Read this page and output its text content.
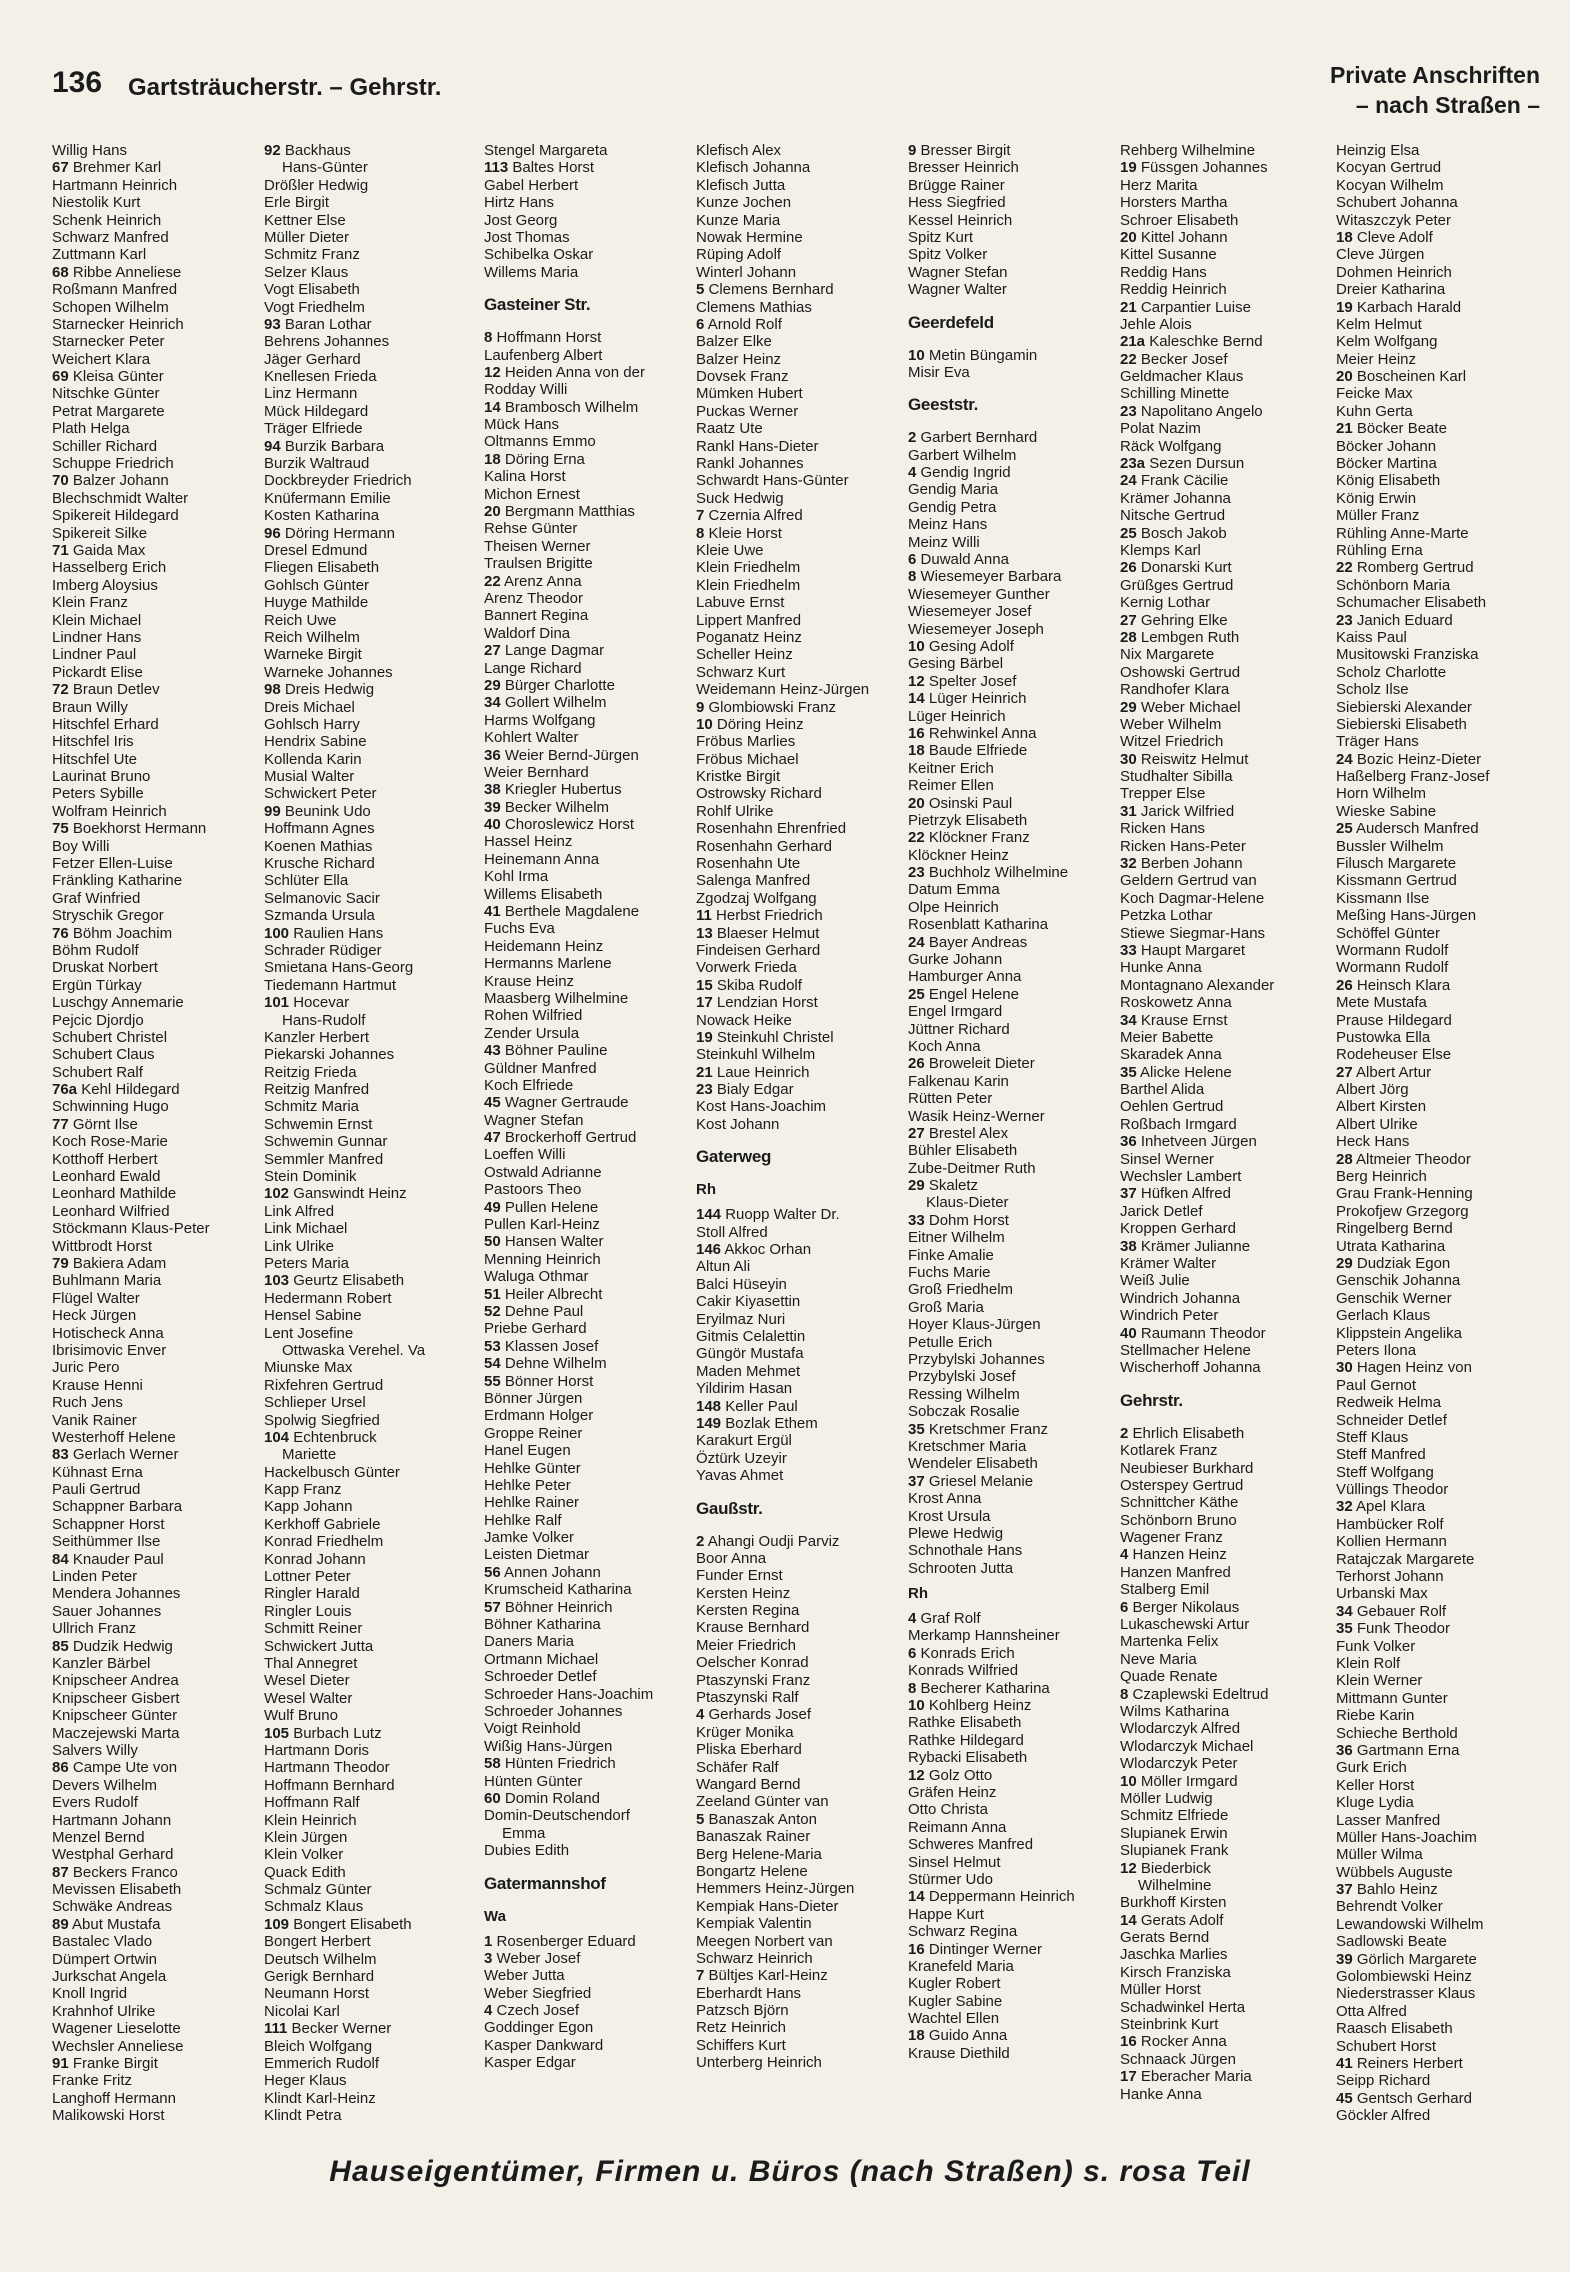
136 Gartsträucherstr. – Gehrstr.	Private Anschriften
– nach Straßen –
Willig Hans
67 Brehmer Karl
Hartmann Heinrich
Niestolik Kurt
Schenk Heinrich
Schwarz Manfred
Zuttmann Karl
68 Ribbe Anneliese
Roßmann Manfred
Schopen Wilhelm
Starnecker Heinrich
Starnecker Peter
Weichert Klara
69 Kleisa Günter
Nitschke Günter
Petrat Margarete
Plath Helga
Schiller Richard
Schuppe Friedrich
70 Balzer Johann
Blechschmidt Walter
Spikereit Hildegard
Spikereit Silke
71 Gaida Max
Hasselberg Erich
Imberg Aloysius
Klein Franz
Klein Michael
Lindner Hans
Lindner Paul
Pickardt Elise
72 Braun Detlev
Braun Willy
Hitschfel Erhard
Hitschfel Iris
Hitschfel Ute
Laurinat Bruno
Peters Sybille
Wolfram Heinrich
75 Boekhorst Hermann
Boy Willi
Fetzer Ellen-Luise
Fränkling Katharine
Graf Winfried
Stryschik Gregor
76 Böhm Joachim
Böhm Rudolf
Druskat Norbert
Ergün Türkay
Luschgy Annemarie
Pejcic Djordjo
Schubert Christel
Schubert Claus
Schubert Ralf
76a Kehl Hildegard
Schwinning Hugo
77 Görnt Ilse
Koch Rose-Marie
Kotthoff Herbert
Leonhard Ewald
Leonhard Mathilde
Leonhard Wilfried
Stöckmann Klaus-Peter
Wittbrodt Horst
79 Bakiera Adam
Buhlmann Maria
Flügel Walter
Heck Jürgen
Hotischeck Anna
Ibrisimovic Enver
Juric Pero
Krause Henni
Ruch Jens
Vanik Rainer
Westerhoff Helene
83 Gerlach Werner
Kühnast Erna
Pauli Gertrud
Schappner Barbara
Schappner Horst
Seithümmer Ilse
84 Knauder Paul
Linden Peter
Mendera Johannes
Sauer Johannes
Ullrich Franz
85 Dudzik Hedwig
Kanzler Bärbel
Knipscheer Andrea
Knipscheer Gisbert
Knipscheer Günter
Maczejewski Marta
Salvers Willy
86 Campe Ute von
Devers Wilhelm
Evers Rudolf
Hartmann Johann
Menzel Bernd
Westphal Gerhard
87 Beckers Franco
Mevissen Elisabeth
Schwäke Andreas
89 Abut Mustafa
Bastalec Vlado
Dümpert Ortwin
Jurkschat Angela
Knoll Ingrid
Krahnhof Ulrike
Wagener Lieselotte
Wechsler Anneliese
91 Franke Birgit
Franke Fritz
Langhoff Hermann
Malikowski Horst
92 Backhaus
Hans-Günter
Drößler Hedwig
Erle Birgit
Kettner Else
Müller Dieter
Schmitz Franz
Selzer Klaus
Vogt Elisabeth
Vogt Friedhelm
93 Baran Lothar
Behrens Johannes
Jäger Gerhard
Knellesen Frieda
Linz Hermann
Mück Hildegard
Träger Elfriede
94 Burzik Barbara
Burzik Waltraud
Dockbreyder Friedrich
Knüfermann Emilie
Kosten Katharina
96 Döring Hermann
Dresel Edmund
Fliegen Elisabeth
Gohlsch Günter
Huyge Mathilde
Reich Uwe
Reich Wilhelm
Warneke Birgit
Warneke Johannes
98 Dreis Hedwig
Dreis Michael
Gohlsch Harry
Hendrix Sabine
Kollenda Karin
Musial Walter
Schwickert Peter
99 Beunink Udo
Hoffmann Agnes
Koenen Mathias
Krusche Richard
Schlüter Ella
Selmanovic Sacir
Szmanda Ursula
100 Raulien Hans
Schrader Rüdiger
Smietana Hans-Georg
Tiedemann Hartmut
101 Hocevar
Hans-Rudolf
Kanzler Herbert
Piekarski Johannes
Reitzig Frieda
Reitzig Manfred
Schmitz Maria
Schwemin Ernst
Schwemin Gunnar
Semmler Manfred
Stein Dominik
102 Ganswindt Heinz
Link Alfred
Link Michael
Link Ulrike
Peters Maria
103 Geurtz Elisabeth
Hedermann Robert
Hensel Sabine
Lent Josefine
Ottwaska Verehel. Va
Miunske Max
Rixfehren Gertrud
Schlieper Ursel
Spolwig Siegfried
104 Echtenbruck
Mariette
Hackelbusch Günter
Kapp Franz
Kapp Johann
Kerkhoff Gabriele
Konrad Friedhelm
Konrad Johann
Lottner Peter
Ringler Harald
Ringler Louis
Schmitt Reiner
Schwickert Jutta
Thal Annegret
Wesel Dieter
Wesel Walter
Wulf Bruno
105 Burbach Lutz
Hartmann Doris
Hartmann Theodor
Hoffmann Bernhard
Hoffmann Ralf
Klein Heinrich
Klein Jürgen
Klein Volker
Quack Edith
Schmalz Günter
Schmalz Klaus
109 Bongert Elisabeth
Bongert Herbert
Deutsch Wilhelm
Gerigk Bernhard
Neumann Horst
Nicolai Karl
111 Becker Werner
Bleich Wolfgang
Emmerich Rudolf
Heger Klaus
Klindt Karl-Heinz
Klindt Petra
Stengel Margareta
113 Baltes Horst
Gabel Herbert
Hirtz Hans
Jost Georg
Jost Thomas
Schibelka Oskar
Willems Maria
Gasteiner Str.
8 Hoffmann Horst
Laufenberg Albert
12 Heiden Anna von der
Rodday Willi
14 Brambosch Wilhelm
Mück Hans
Oltmanns Emmo
18 Döring Erna
Kalina Horst
Michon Ernest
20 Bergmann Matthias
Rehse Günter
Theisen Werner
Traulsen Brigitte
22 Arenz Anna
Arenz Theodor
Bannert Regina
Waldorf Dina
27 Lange Dagmar
Lange Richard
29 Bürger Charlotte
34 Gollert Wilhelm
Harms Wolfgang
Kohlert Walter
36 Weier Bernd-Jürgen
Weier Bernhard
38 Kriegler Hubertus
39 Becker Wilhelm
40 Choroslewicz Horst
Hassel Heinz
Heinemann Anna
Kohl Irma
Willems Elisabeth
41 Berthele Magdalene
Fuchs Eva
Heidemann Heinz
Hermanns Marlene
Krause Heinz
Maasberg Wilhelmine
Rohen Wilfried
Zender Ursula
43 Böhner Pauline
Güldner Manfred
Koch Elfriede
45 Wagner Gertraude
Wagner Stefan
47 Brockerhoff Gertrud
Loeffen Willi
Ostwald Adrianne
Pastoors Theo
49 Pullen Helene
Pullen Karl-Heinz
50 Hansen Walter
Menning Heinrich
Waluga Othmar
51 Heiler Albrecht
52 Dehne Paul
Priebe Gerhard
53 Klassen Josef
54 Dehne Wilhelm
55 Bönner Horst
Bönner Jürgen
Erdmann Holger
Groppe Reiner
Hanel Eugen
Hehlke Günter
Hehlke Peter
Hehlke Rainer
Hehlke Ralf
Jamke Volker
Leisten Dietmar
56 Annen Johann
Krumscheid Katharina
57 Böhner Heinrich
Böhner Katharina
Daners Maria
Ortmann Michael
Schroeder Detlef
Schroeder Hans-Joachim
Schroeder Johannes
Voigt Reinhold
Wißig Hans-Jürgen
58 Hünten Friedrich
Hünten Günter
60 Domin Roland
Domin-Deutschendorf
Emma
Dubies Edith
Gatermannshof
Wa
1 Rosenberger Eduard
3 Weber Josef
Weber Jutta
Weber Siegfried
4 Czech Josef
Goddinger Egon
Kasper Dankward
Kasper Edgar
Klefisch Alex
Klefisch Johanna
Klefisch Jutta
Kunze Jochen
Kunze Maria
Nowak Hermine
Rüping Adolf
Winterl Johann
5 Clemens Bernhard
Clemens Mathias
6 Arnold Rolf
Balzer Elke
Balzer Heinz
Dovsek Franz
Mümken Hubert
Puckas Werner
Raatz Ute
Rankl Hans-Dieter
Rankl Johannes
Schwardt Hans-Günter
Suck Hedwig
7 Czernia Alfred
8 Kleie Horst
Kleie Uwe
Klein Friedhelm
Klein Friedhelm
Labuve Ernst
Lippert Manfred
Poganatz Heinz
Scheller Heinz
Schwarz Kurt
Weidemann Heinz-Jürgen
9 Glombiowski Franz
10 Döring Heinz
Fröbus Marlies
Fröbus Michael
Kristke Birgit
Ostrowsky Richard
Rohlf Ulrike
Rosenhahn Ehrenfried
Rosenhahn Gerhard
Rosenhahn Ute
Salenga Manfred
Zgodzaj Wolfgang
11 Herbst Friedrich
13 Blaeser Helmut
Findeisen Gerhard
Vorwerk Frieda
15 Skiba Rudolf
17 Lendzian Horst
Nowack Heike
19 Steinkuhl Christel
Steinkuhl Wilhelm
21 Laue Heinrich
23 Bialy Edgar
Kost Hans-Joachim
Kost Johann
Gaterweg
Rh
144 Ruopp Walter Dr.
Stoll Alfred
146 Akkoc Orhan
Altun Ali
Balci Hüseyin
Cakir Kiyasettin
Eryilmaz Nuri
Gitmis Celalettin
Güngör Mustafa
Maden Mehmet
Yildirim Hasan
148 Keller Paul
149 Bozlak Ethem
Karakurt Ergül
Öztürk Uzeyir
Yavas Ahmet
Gaußstr.
2 Ahangi Oudji Parviz
Boor Anna
Funder Ernst
Kersten Heinz
Kersten Regina
Krause Bernhard
Meier Friedrich
Oelscher Konrad
Ptaszynski Franz
Ptaszynski Ralf
4 Gerhards Josef
Krüger Monika
Pliska Eberhard
Schäfer Ralf
Wangard Bernd
Zeeland Günter van
5 Banaszak Anton
Banaszak Rainer
Berg Helene-Maria
Bongartz Helene
Hemmers Heinz-Jürgen
Kempiak Hans-Dieter
Kempiak Valentin
Meegen Norbert van
Schwarz Heinrich
7 Bültjes Karl-Heinz
Eberhardt Hans
Patzsch Björn
Retz Heinrich
Schiffers Kurt
Unterberg Heinrich
9 Bresser Birgit
Bresser Heinrich
Brügge Rainer
Hess Siegfried
Kessel Heinrich
Spitz Kurt
Spitz Volker
Wagner Stefan
Wagner Walter
Geerdefeld
10 Metin Büngamin
Misir Eva
Geeststr.
2 Garbert Bernhard
Garbert Wilhelm
4 Gendig Ingrid
Gendig Maria
Gendig Petra
Meinz Hans
Meinz Willi
6 Duwald Anna
8 Wiesemeyer Barbara
Wiesemeyer Gunther
Wiesemeyer Josef
Wiesemeyer Joseph
10 Gesing Adolf
Gesing Bärbel
12 Spelter Josef
14 Lüger Heinrich
Lüger Heinrich
16 Rehwinkel Anna
18 Baude Elfriede
Keitner Erich
Reimer Ellen
20 Osinski Paul
Pietrzyk Elisabeth
22 Klöckner Franz
Klöckner Heinz
23 Buchholz Wilhelmine
Datum Emma
Olpe Heinrich
Rosenblatt Katharina
24 Bayer Andreas
Gurke Johann
Hamburger Anna
25 Engel Helene
Engel Irmgard
Jüttner Richard
Koch Anna
26 Broweleit Dieter
Falkenau Karin
Rütten Peter
Wasik Heinz-Werner
27 Brestel Alex
Bühler Elisabeth
Zube-Deitmer Ruth
29 Skaletz
Klaus-Dieter
33 Dohm Horst
Eitner Wilhelm
Finke Amalie
Fuchs Marie
Groß Friedhelm
Groß Maria
Hoyer Klaus-Jürgen
Petulle Erich
Przybylski Johannes
Przybylski Josef
Ressing Wilhelm
Sobczak Rosalie
35 Kretschmer Franz
Kretschmer Maria
Wendeler Elisabeth
37 Griesel Melanie
Krost Anna
Krost Ursula
Plewe Hedwig
Schnothale Hans
Schrooten Jutta
Rh
4 Graf Rolf
Merkamp Hannsheiner
6 Konrads Erich
Konrads Wilfried
8 Becherer Katharina
10 Kohlberg Heinz
Rathke Elisabeth
Rathke Hildegard
Rybacki Elisabeth
12 Golz Otto
Gräfen Heinz
Otto Christa
Reimann Anna
Schweres Manfred
Sinsel Helmut
Stürmer Udo
14 Deppermann Heinrich
Happe Kurt
Schwarz Regina
16 Dintinger Werner
Kranefeld Maria
Kugler Robert
Kugler Sabine
Wachtel Ellen
18 Guido Anna
Krause Diethild
Rehberg Wilhelmine
19 Füssgen Johannes
Herz Marita
Horsters Martha
Schroer Elisabeth
20 Kittel Johann
Kittel Susanne
Reddig Hans
Reddig Heinrich
21 Carpantier Luise
Jehle Alois
21a Kaleschke Bernd
22 Becker Josef
Geldmacher Klaus
Schilling Minette
23 Napolitano Angelo
Polat Nazim
Räck Wolfgang
23a Sezen Dursun
24 Frank Cäcilie
Krämer Johanna
Nitsche Gertrud
25 Bosch Jakob
Klemps Karl
26 Donarski Kurt
Grüßges Gertrud
Kernig Lothar
27 Gehring Elke
28 Lembgen Ruth
Nix Margarete
Oshowski Gertrud
Randhofer Klara
29 Weber Michael
Weber Wilhelm
Witzel Friedrich
30 Reiswitz Helmut
Studhalter Sibilla
Trepper Else
31 Jarick Wilfried
Ricken Hans
Ricken Hans-Peter
32 Berben Johann
Geldern Gertrud van
Koch Dagmar-Helene
Petzka Lothar
Stiewe Siegmar-Hans
33 Haupt Margaret
Hunke Anna
Montagnano Alexander
Roskowetz Anna
34 Krause Ernst
Meier Babette
Skaradek Anna
35 Alicke Helene
Barthel Alida
Oehlen Gertrud
Roßbach Irmgard
36 Inhetveen Jürgen
Sinsel Werner
Wechsler Lambert
37 Hüfken Alfred
Jarick Detlef
Kroppen Gerhard
38 Krämer Julianne
Krämer Walter
Weiß Julie
Windrich Johanna
Windrich Peter
40 Raumann Theodor
Stellmacher Helene
Wischerhoff Johanna
Gehrstr.
2 Ehrlich Elisabeth
Kotlarek Franz
Neubieser Burkhard
Osterspey Gertrud
Schnittcher Käthe
Schönborn Bruno
Wagener Franz
4 Hanzen Heinz
Hanzen Manfred
Stalberg Emil
6 Berger Nikolaus
Lukaschewski Artur
Martenka Felix
Neve Maria
Quade Renate
8 Czaplewski Edeltrud
Wilms Katharina
Wlodarczyk Alfred
Wlodarczyk Michael
Wlodarczyk Peter
10 Möller Irmgard
Möller Ludwig
Schmitz Elfriede
Slupianek Erwin
Slupianek Frank
12 Biederbick
Wilhelmine
Burkhoff Kirsten
14 Gerats Adolf
Gerats Bernd
Jaschka Marlies
Kirsch Franziska
Müller Horst
Schadwinkel Herta
Steinbrink Kurt
16 Rocker Anna
Schnaack Jürgen
17 Eberacher Maria
Hanke Anna
Heinzig Elsa
Kocyan Gertrud
Kocyan Wilhelm
Schubert Johanna
Witaszczyk Peter
18 Cleve Adolf
Cleve Jürgen
Dohmen Heinrich
Dreier Katharina
19 Karbach Harald
Kelm Helmut
Kelm Wolfgang
Meier Heinz
20 Boscheinen Karl
Feicke Max
Kuhn Gerta
21 Böcker Beate
Böcker Johann
Böcker Martina
König Elisabeth
König Erwin
Müller Franz
Rühling Anne-Marte
Rühling Erna
22 Romberg Gertrud
Schönborn Maria
Schumacher Elisabeth
23 Janich Eduard
Kaiss Paul
Musitowski Franziska
Scholz Charlotte
Scholz Ilse
Siebierski Alexander
Siebierski Elisabeth
Träger Hans
24 Bozic Heinz-Dieter
Haßelberg Franz-Josef
Horn Wilhelm
Wieske Sabine
25 Audersch Manfred
Bussler Wilhelm
Filusch Margarete
Kissmann Gertrud
Kissmann Ilse
Meßing Hans-Jürgen
Schöffel Günter
Wormann Rudolf
Wormann Rudolf
26 Heinsch Klara
Mete Mustafa
Prause Hildegard
Pustowka Ella
Rodeheuser Else
27 Albert Artur
Albert Jörg
Albert Kirsten
Albert Ulrike
Heck Hans
28 Altmeier Theodor
Berg Heinrich
Grau Frank-Henning
Prokofjew Grzegorg
Ringelberg Bernd
Utrata Katharina
29 Dudziak Egon
Genschik Johanna
Genschik Werner
Gerlach Klaus
Klippstein Angelika
Peters Ilona
30 Hagen Heinz von
Paul Gernot
Redweik Helma
Schneider Detlef
Steff Klaus
Steff Manfred
Steff Wolfgang
Vüllings Theodor
32 Apel Klara
Hambücker Rolf
Kollien Hermann
Ratajczak Margarete
Terhorst Johann
Urbanski Max
34 Gebauer Rolf
35 Funk Theodor
Funk Volker
Klein Rolf
Klein Werner
Mittmann Gunter
Riebe Karin
Schieche Berthold
36 Gartmann Erna
Gurk Erich
Keller Horst
Kluge Lydia
Lasser Manfred
Müller Hans-Joachim
Müller Wilma
Wübbels Auguste
37 Bahlo Heinz
Behrendt Volker
Lewandowski Wilhelm
Sadlowski Beate
39 Görlich Margarete
Golombiewski Heinz
Niederstrasser Klaus
Otta Alfred
Raasch Elisabeth
Schubert Horst
41 Reiners Herbert
Seipp Richard
45 Gentsch Gerhard
Göckler Alfred
Hauseigentümer, Firmen u. Büros (nach Straßen) s. rosa Teil
